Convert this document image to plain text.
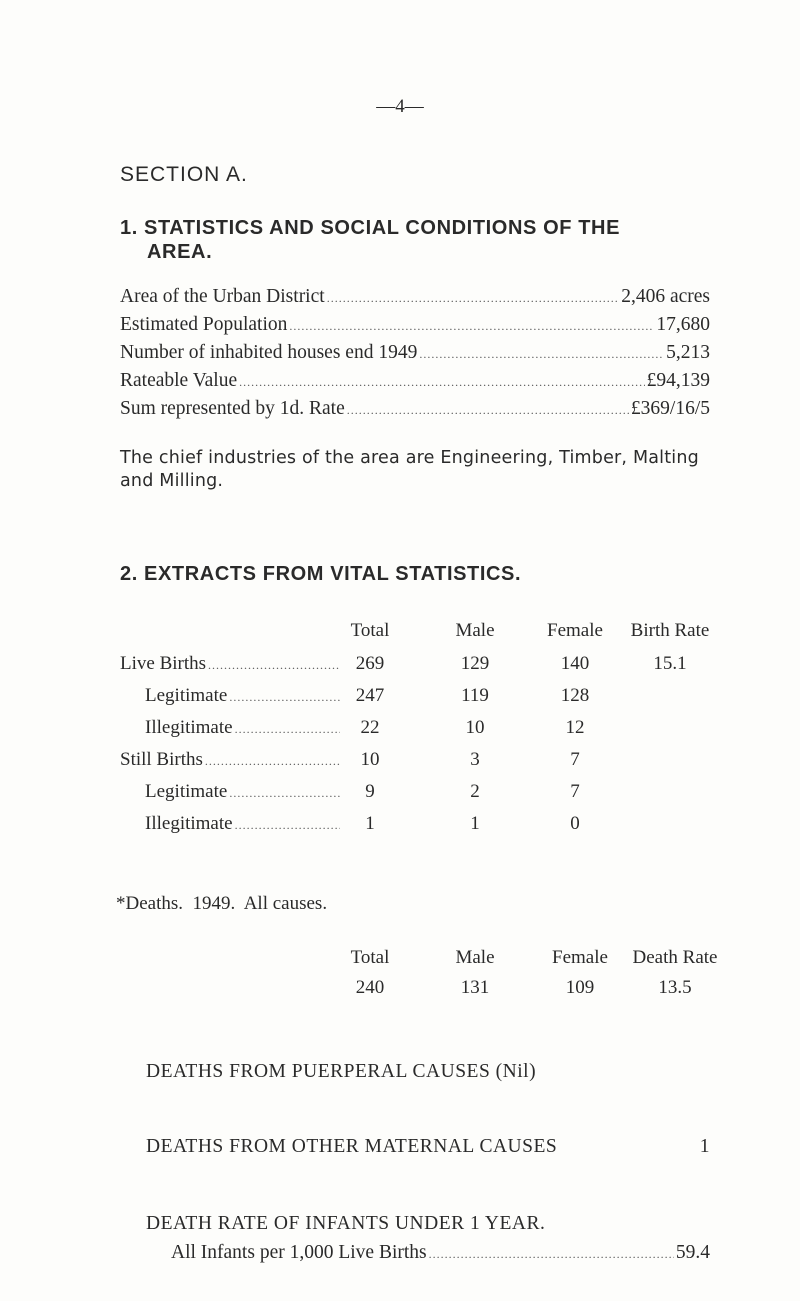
—4—
SECTION A.
1. STATISTICS AND SOCIAL CONDITIONS OF THE
AREA.
Area of the Urban District .....	2,406 acres
Estimated Population .....	17,680
Number of inhabited houses end 1949 .....	5,213
Rateable Value .....	£94,139
Sum represented by 1d. Rate .....	£369/16/5
The chief industries of the area are Engineering, Timber, Malting and Milling.
2. EXTRACTS FROM VITAL STATISTICS.
Total	Male	Female	Birth Rate
Live Births .....	269	129	140	15.1
Legitimate .....	247	119	128
Illegitimate .....	22	10	12
Still Births .....	10	3	7
Legitimate .....	9	2	7
Illegitimate .....	1	1	0
*Deaths.  1949.  All causes.
Total	Male	Female	Death Rate
240	131	109	13.5
DEATHS FROM PUERPERAL CAUSES (Nil)
DEATHS FROM OTHER MATERNAL CAUSES	1
DEATH RATE OF INFANTS UNDER 1 YEAR.
All Infants per 1,000 Live Births .....	59.4
